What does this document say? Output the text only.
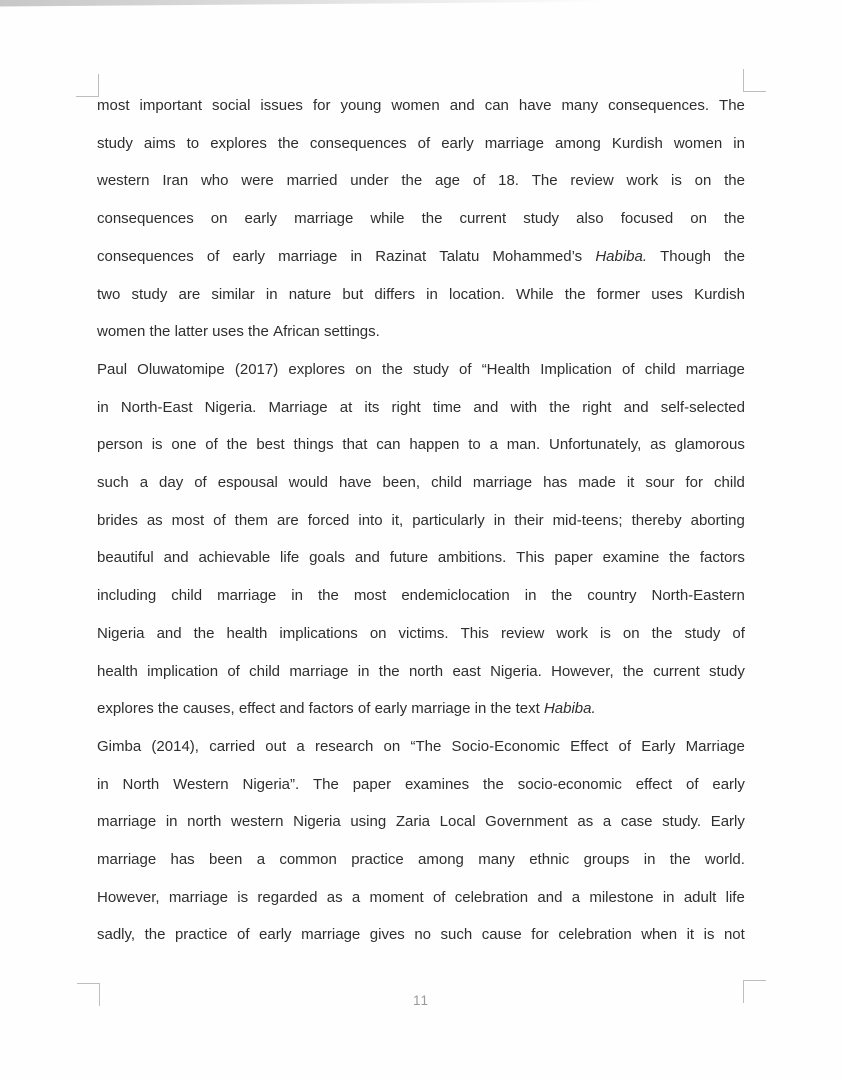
most important social issues for young women and can have many consequences. The
study aims to explores the consequences of early marriage among Kurdish women in
western Iran who were married under the age of 18. The review work is on the
consequences on early marriage while the current study also focused on the
consequences of early marriage in Razinat Talatu Mohammed’s Habiba. Though the
two study are similar in nature but differs in location. While the former uses Kurdish
women the latter uses the African settings.
Paul Oluwatomipe (2017) explores on the study of “Health Implication of child marriage
in North-East Nigeria. Marriage at its right time and with the right and self-selected
person is one of the best things that can happen to a man. Unfortunately, as glamorous
such a day of espousal would have been, child marriage has made it sour for child
brides as most of them are forced into it, particularly in their mid-teens; thereby aborting
beautiful and achievable life goals and future ambitions. This paper examine the factors
including child marriage in the most endemiclocation in the country North-Eastern
Nigeria and the health implications on victims. This review work is on the study of
health implication of child marriage in the north east Nigeria. However, the current study
explores the causes, effect and factors of early marriage in the text Habiba.
Gimba (2014), carried out a research on “The Socio-Economic Effect of Early Marriage
in North Western Nigeria”. The paper examines the socio-economic effect of early
marriage in north western Nigeria using Zaria Local Government as a case study. Early
marriage has been a common practice among many ethnic groups in the world.
However, marriage is regarded as a moment of celebration and a milestone in adult life
sadly, the practice of early marriage gives no such cause for celebration when it is not
11
